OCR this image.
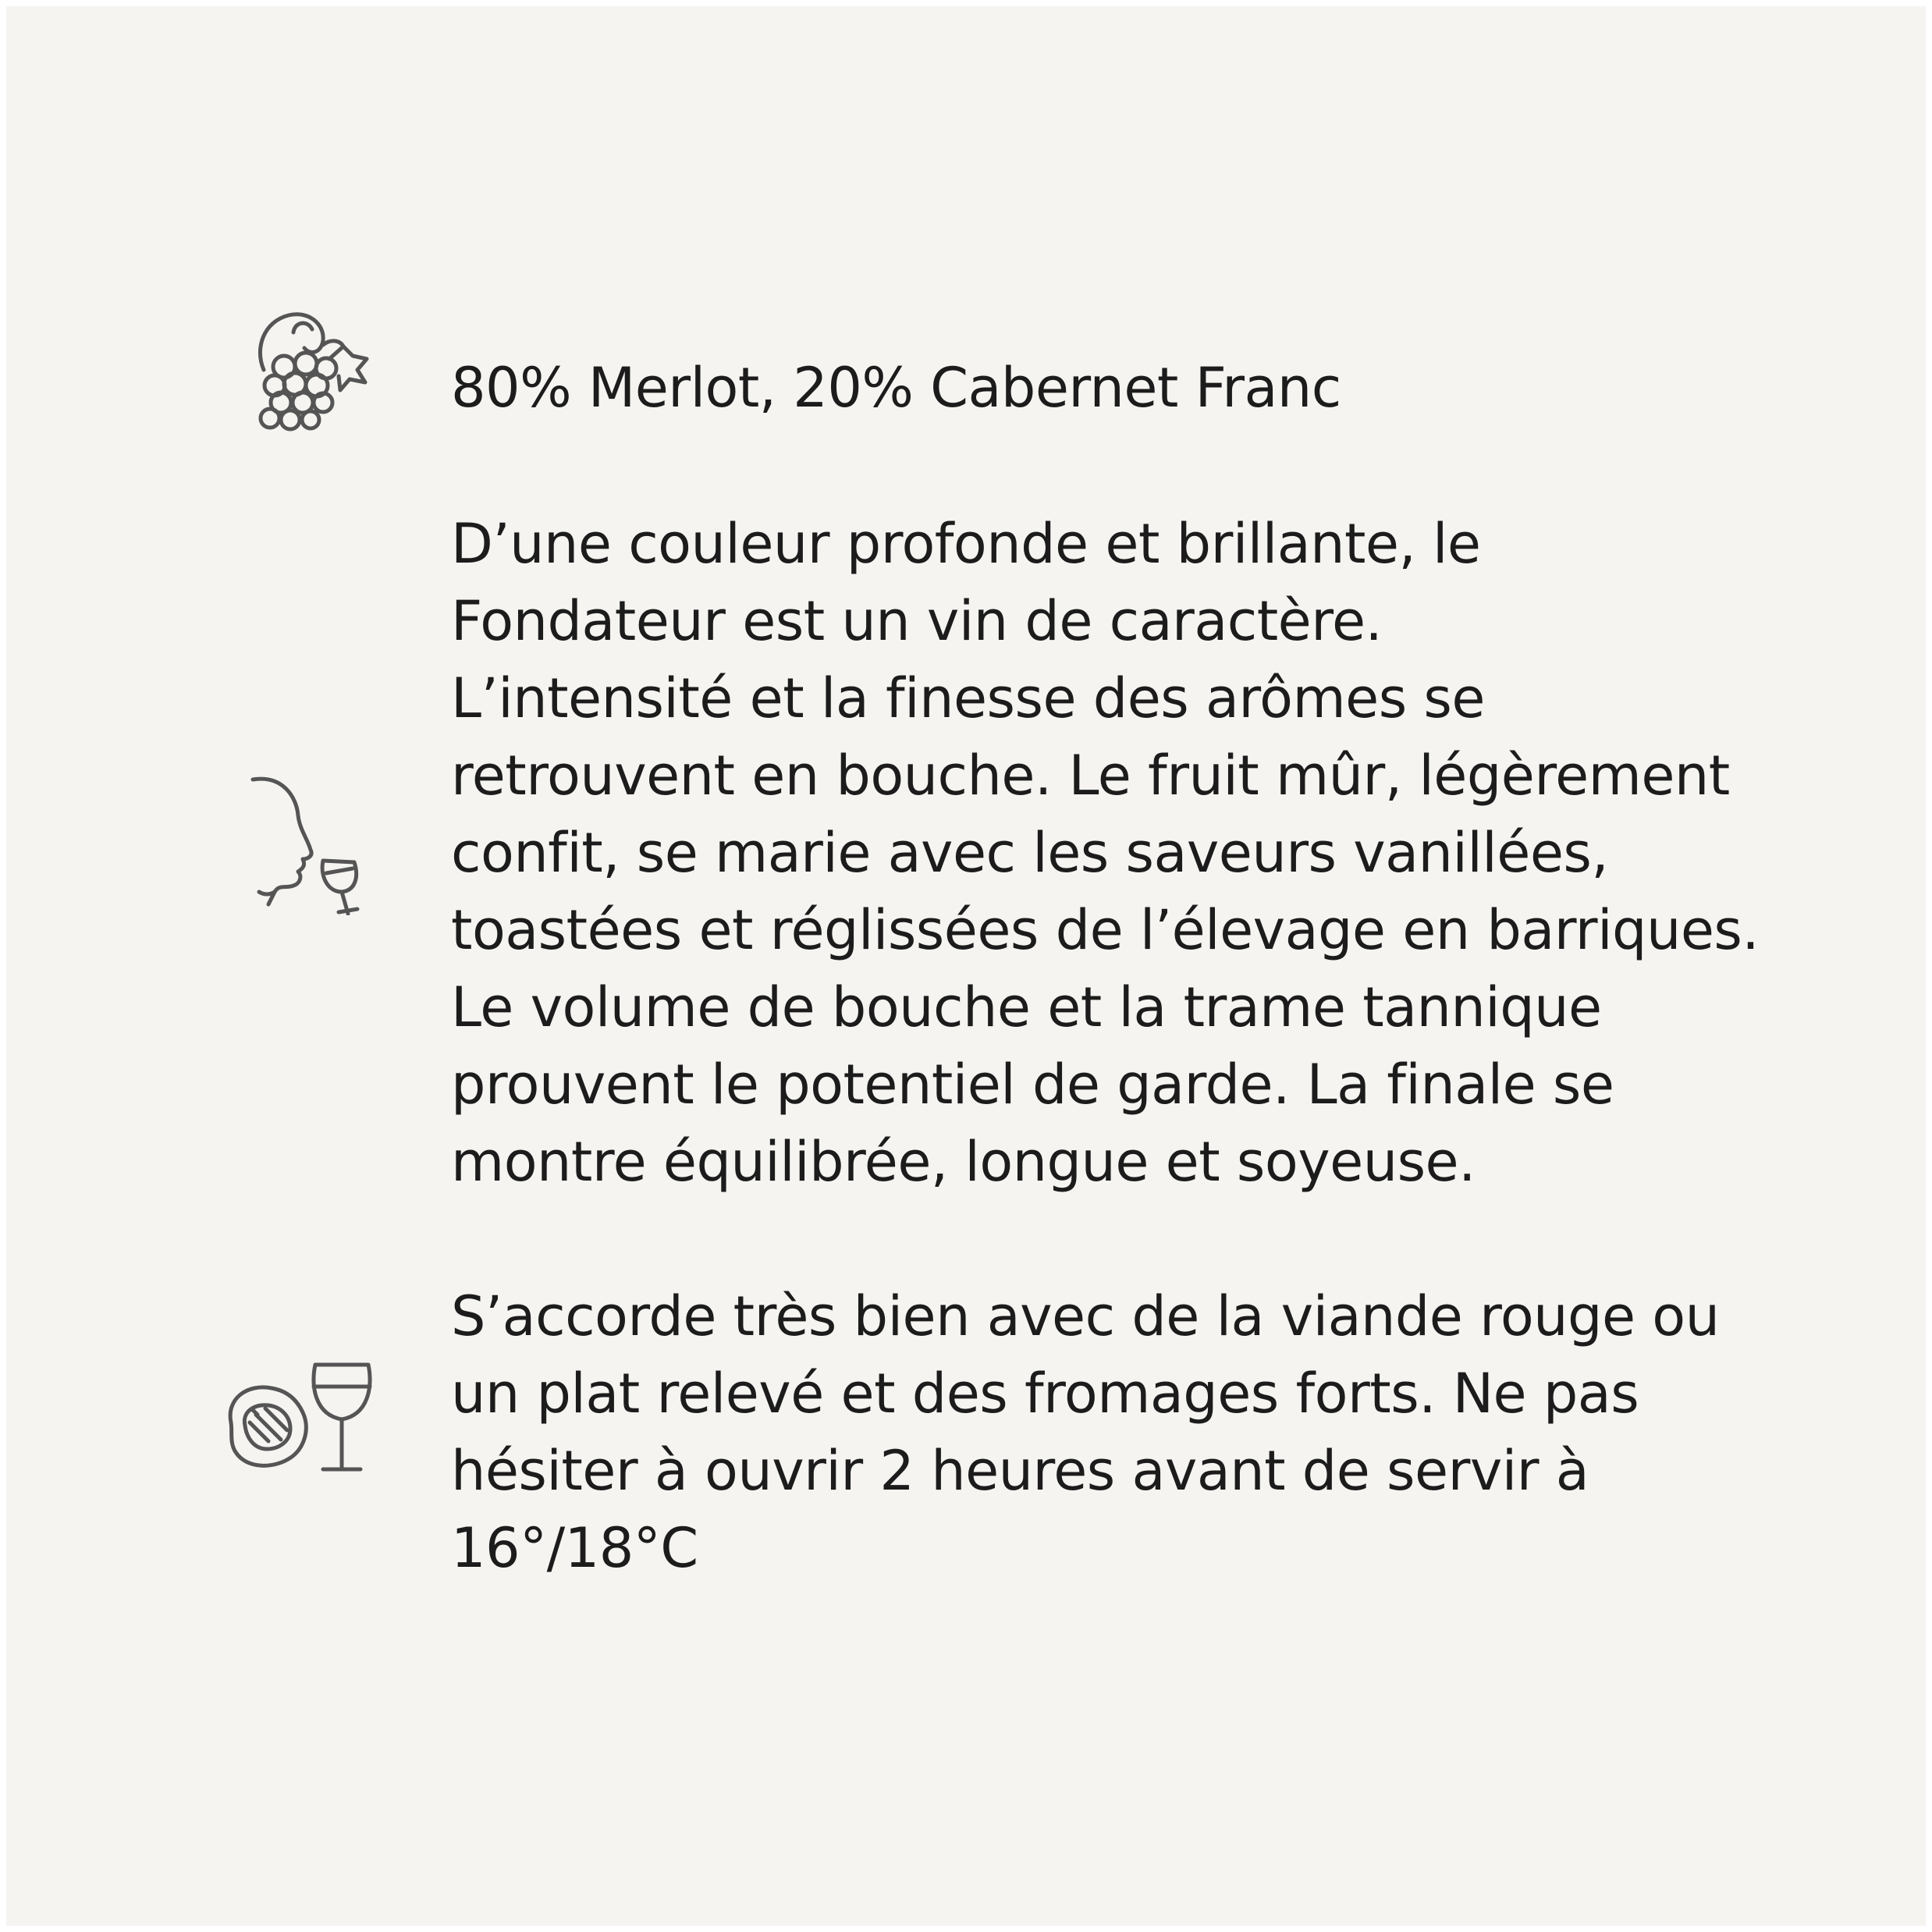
80% Merlot, 20% Cabernet Franc

D’une couleur profonde et brillante, le
Fondateur est un vin de caractère.
L’intensité et la finesse des arômes se
retrouvent en bouche. Le fruit mûr, légèrement
confit, se marie avec les saveurs vanillées,
toastées et réglissées de l’élevage en barriques.
Le volume de bouche et la trame tannique
prouvent le potentiel de garde. La finale se
montre équilibrée, longue et soyeuse.

S’accorde très bien avec de la viande rouge ou
un plat relevé et des fromages forts. Ne pas
hésiter à ouvrir 2 heures avant de servir à
16°/18°C
